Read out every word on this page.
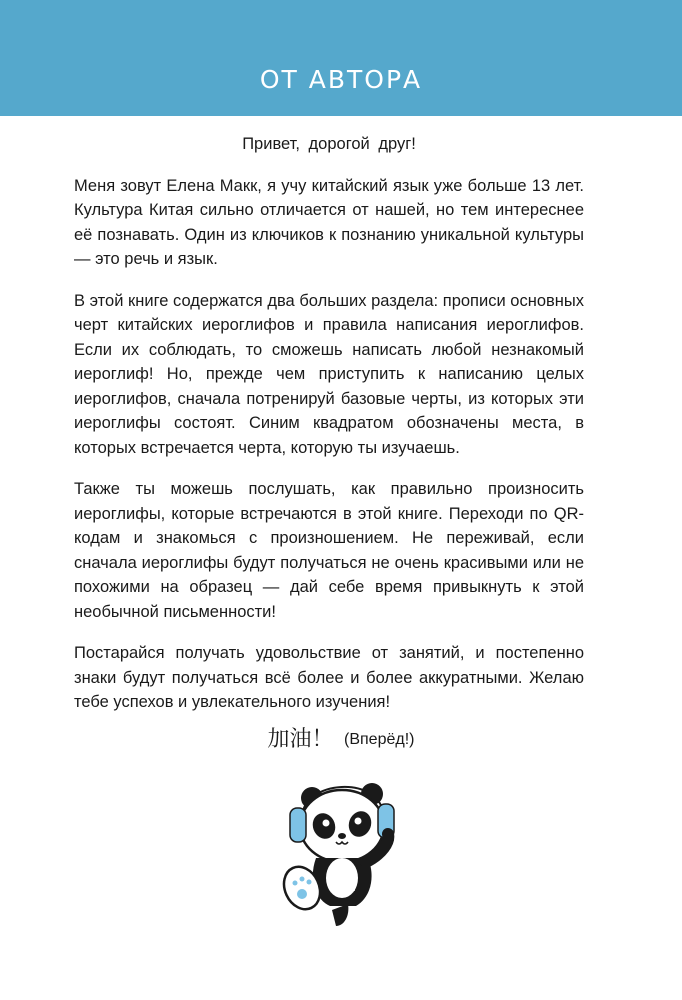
ОТ АВТОРА

Привет, дорогой друг!

Меня зовут Елена Макк, я учу китайский язык уже больше 13 лет. Культура Китая сильно отличается от нашей, но тем интереснее её познавать. Один из ключиков к познанию уникальной культуры — это речь и язык.

В этой книге содержатся два больших раздела: прописи основных черт китайских иероглифов и правила написания иероглифов. Если их соблюдать, то сможешь написать любой незнакомый иероглиф! Но, прежде чем приступить к написанию целых иероглифов, сначала потренируй базовые черты, из которых эти иероглифы состоят. Синим квадратом обозначены места, в которых встречается черта, которую ты изучаешь.

Также ты можешь послушать, как правильно произносить иероглифы, которые встречаются в этой книге. Переходи по QR-кодам и знакомься с произношением. Не переживай, если сначала иероглифы будут получаться не очень красивыми или не похожими на образец — дай себе время привыкнуть к этой необычной письменности!

Постарайся получать удовольствие от занятий, и постепенно знаки будут получаться всё более и более аккуратными. Желаю тебе успехов и увлекательного изучения!

加油！ (Вперёд!)
